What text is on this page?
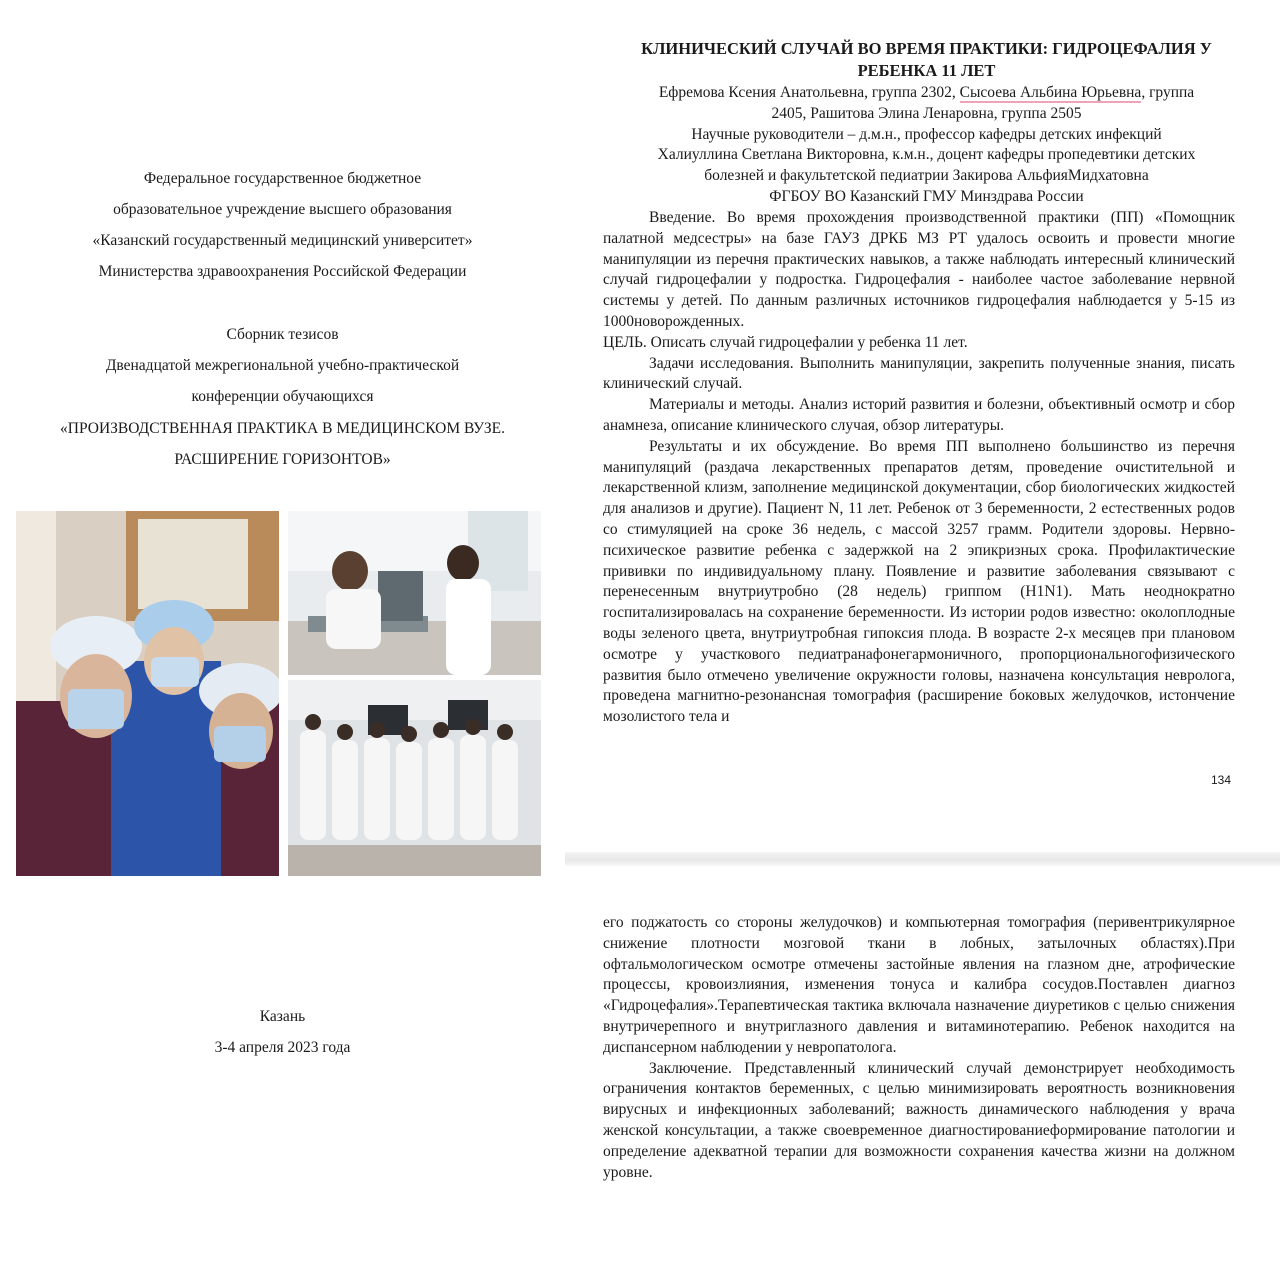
Федеральное государственное бюджетное

образовательное учреждение высшего образования

«Казанский государственный медицинский университет»

Министерства здравоохранения Российской Федерации

Сборник тезисов

Двенадцатой межрегиональной учебно-практической

конференции обучающихся

«ПРОИЗВОДСТВЕННАЯ ПРАКТИКА В МЕДИЦИНСКОМ ВУЗЕ.

РАСШИРЕНИЕ ГОРИЗОНТОВ»

Казань

3-4 апреля 2023 года

КЛИНИЧЕСКИЙ СЛУЧАЙ ВО ВРЕМЯ ПРАКТИКИ: ГИДРОЦЕФАЛИЯ У
РЕБЕНКА 11 ЛЕТ
Ефремова Ксения Анатольевна, группа 2302, Сысоева Альбина Юрьевна, группа
2405, Рашитова Элина Ленаровна, группа 2505
Научные руководители – д.м.н., профессор кафедры детских инфекций
Халиуллина Светлана Викторовна, к.м.н., доцент кафедры пропедевтики детских
болезней и факультетской педиатрии Закирова АльфияМидхатовна
ФГБОУ ВО Казанский ГМУ Минздрава России

Введение. Во время прохождения производственной практики (ПП) «Помощник палатной медсестры» на базе ГАУЗ ДРКБ МЗ РТ удалось освоить и провести многие манипуляции из перечня практических навыков, а также наблюдать интересный клинический случай гидроцефалии у подростка. Гидроцефалия - наиболее частое заболевание нервной системы у детей. По данным различных источников гидроцефалия наблюдается у 5-15 из 1000новорожденных.

ЦЕЛЬ. Описать случай гидроцефалии у ребенка 11 лет.

Задачи исследования. Выполнить манипуляции, закрепить полученные знания, писать клинический случай.

Материалы и методы. Анализ историй развития и болезни, объективный осмотр и сбор анамнеза, описание клинического случая, обзор литературы.

Результаты и их обсуждение. Во время ПП выполнено большинство из перечня манипуляций (раздача лекарственных препаратов детям, проведение очистительной и лекарственной клизм, заполнение медицинской документации, сбор биологических жидкостей для анализов и другие). Пациент N, 11 лет. Ребенок от 3 беременности, 2 естественных родов со стимуляцией на сроке 36 недель, с массой 3257 грамм. Родители здоровы. Нервно-психическое развитие ребенка с задержкой на 2 эпикризных срока. Профилактические прививки по индивидуальному плану. Появление и развитие заболевания связывают с перенесенным внутриутробно (28 недель) гриппом (H1N1). Мать неоднократно госпитализировалась на сохранение беременности. Из истории родов известно: околоплодные воды зеленого цвета, внутриутробная гипоксия плода. В возрасте 2-х месяцев при плановом осмотре у участкового педиатранафонегармоничного, пропорциональногофизического развития было отмечено увеличение окружности головы, назначена консультация невролога, проведена магнитно-резонансная томография (расширение боковых желудочков, истончение мозолистого тела и

134

его поджатость со стороны желудочков) и компьютерная томография (перивентрикулярное снижение плотности мозговой ткани в лобных, затылочных областях).При офтальмологическом осмотре отмечены застойные явления на глазном дне, атрофические процессы, кровоизлияния, изменения тонуса и калибра сосудов.Поставлен диагноз «Гидроцефалия».Терапевтическая тактика включала назначение диуретиков с целью снижения внутричерепного и внутриглазного давления и витаминотерапию. Ребенок находится на диспансерном наблюдении у невропатолога.

Заключение. Представленный клинический случай демонстрирует необходимость ограничения контактов беременных, с целью минимизировать вероятность возникновения вирусных и инфекционных заболеваний; важность динамического наблюдения у врача женской консультации, а также своевременное диагностированиеформирование патологии и определение адекватной терапии для возможности сохранения качества жизни на должном уровне.
